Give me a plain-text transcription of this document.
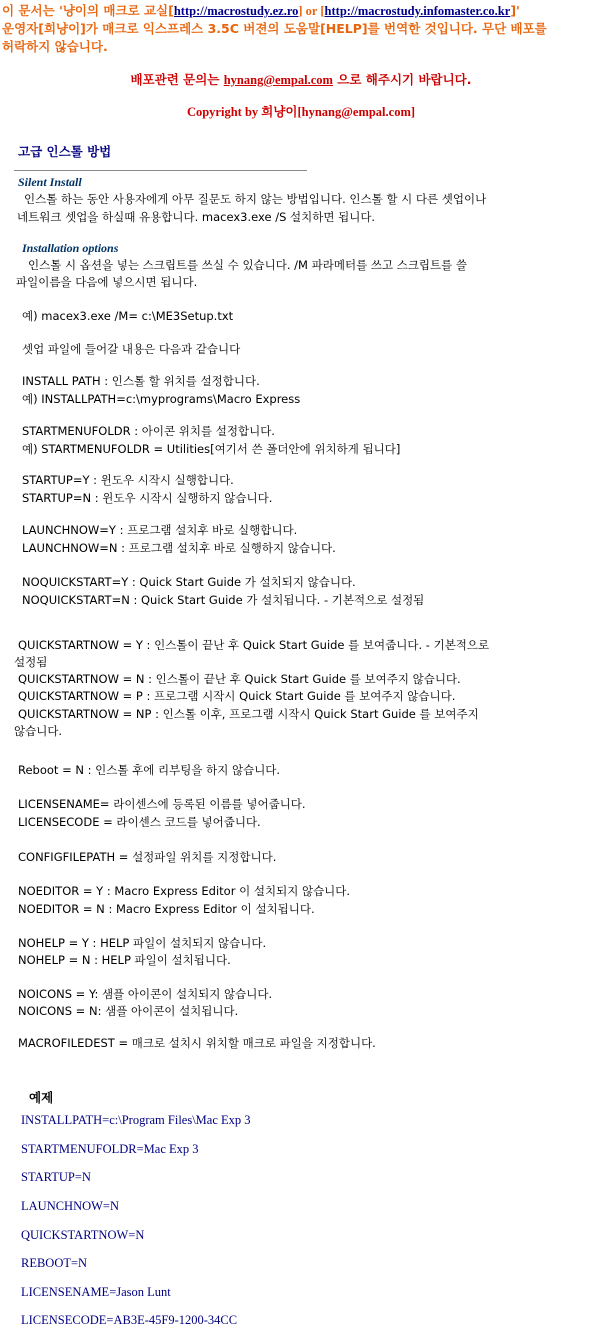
이 문서는 '냥이의 매크로 교실[http://macrostudy.ez.ro] or [http://macrostudy.infomaster.co.kr]'
운영자[희냥이]가 매크로 익스프레스 3.5C 버젼의 도움말[HELP]를 번역한 것입니다. 무단 배포를
허락하지 않습니다.
배포관련 문의는 hynang@empal.com 으로 해주시기 바랍니다.
Copyright by 희냥이[hynang@empal.com]
고급 인스톨 방법
Silent Install
인스톨 하는 동안 사용자에게 아무 질문도 하지 않는 방법입니다. 인스톨 할 시 다른 셋업이나
네트워크 셋업을 하실때 유용합니다. macex3.exe /S 설치하면 됩니다.
Installation options
인스톨 시 옵션을 넣는 스크립트를 쓰실 수 있습니다. /M 파라메터를 쓰고 스크립트를 쓸
파일이름을 다음에 넣으시면 됩니다.
예) macex3.exe /M= c:\ME3Setup.txt
셋업 파일에 들어갈 내용은 다음과 같습니다
INSTALL PATH : 인스톨 할 위치를 설정합니다.
예) INSTALLPATH=c:\myprograms\Macro Express
STARTMENUFOLDR : 아이콘 위치를 설정합니다.
예) STARTMENUFOLDR = Utilities[여기서 쓴 폴더안에 위치하게 됩니다]
STARTUP=Y : 윈도우 시작시 실행합니다.
STARTUP=N : 윈도우 시작시 실행하지 않습니다.
LAUNCHNOW=Y : 프로그램 설치후 바로 실행합니다.
LAUNCHNOW=N : 프로그램 설치후 바로 실행하지 않습니다.
NOQUICKSTART=Y : Quick Start Guide 가 설치되지 않습니다.
NOQUICKSTART=N : Quick Start Guide 가 설치됩니다. - 기본적으로 설정됨
QUICKSTARTNOW = Y : 인스톨이 끝난 후 Quick Start Guide 를 보여줍니다. - 기본적으로
설정됨
QUICKSTARTNOW = N : 인스톨이 끝난 후 Quick Start Guide 를 보여주지 않습니다.
QUICKSTARTNOW = P : 프로그램 시작시 Quick Start Guide 를 보여주지 않습니다.
QUICKSTARTNOW = NP : 인스톨 이후, 프로그램 시작시 Quick Start Guide 를 보여주지
않습니다.
Reboot = N : 인스톨 후에 리부팅을 하지 않습니다.
LICENSENAME= 라이센스에 등록된 이름를 넣어줍니다.
LICENSECODE = 라이센스 코드를 넣어줍니다.
CONFIGFILEPATH = 설정파일 위치를 지정합니다.
NOEDITOR = Y : Macro Express Editor 이 설치되지 않습니다.
NOEDITOR = N : Macro Express Editor 이 설치됩니다.
NOHELP = Y : HELP 파일이 설치되지 않습니다.
NOHELP = N : HELP 파일이 설치됩니다.
NOICONS = Y: 샘플 아이콘이 설치되지 않습니다.
NOICONS = N: 샘플 아이콘이 설치됩니다.
MACROFILEDEST = 매크로 설치시 위치할 매크로 파일을 지정합니다.
예제
INSTALLPATH=c:\Program Files\Mac Exp 3
STARTMENUFOLDR=Mac Exp 3
STARTUP=N
LAUNCHNOW=N
QUICKSTARTNOW=N
REBOOT=N
LICENSENAME=Jason Lunt
LICENSECODE=AB3E-45F9-1200-34CC
